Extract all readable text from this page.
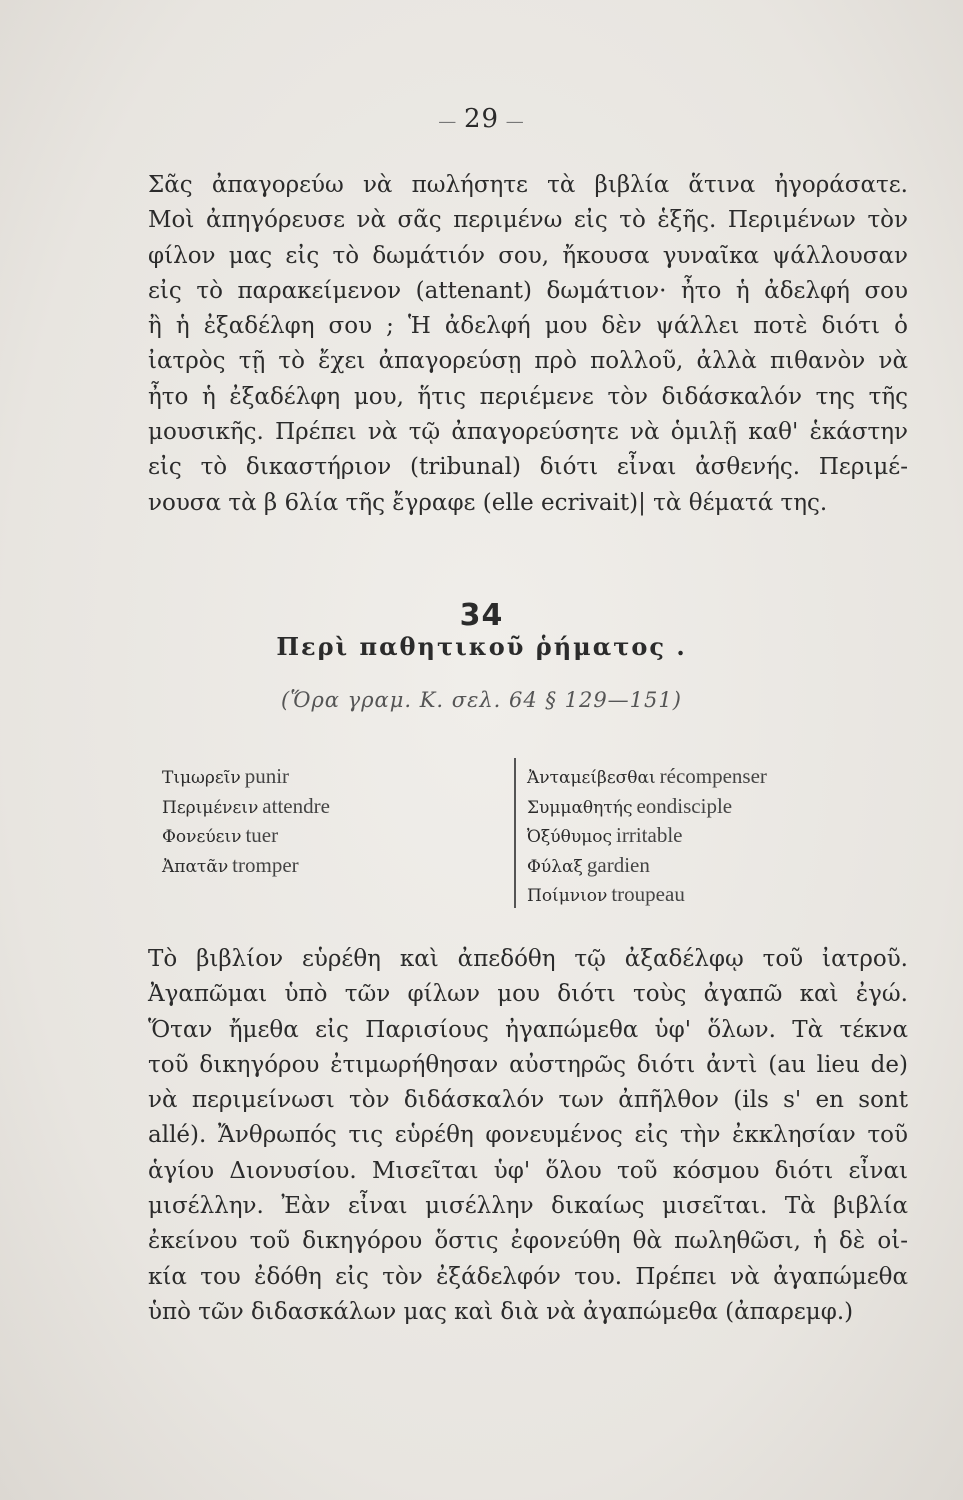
— 29 —
Σᾶς ἀπαγορεύω νὰ πωλήσητε τὰ βιβλία ἅτινα ἠγοράσατε.
Μοὶ ἀπηγόρευσε νὰ σᾶς περιμένω εἰς τὸ ἑξῆς. Περιμένων τὸν
φίλον μας εἰς τὸ δωμάτιόν σου, ἤκουσα γυναῖκα ψάλλουσαν
εἰς τὸ παρακείμενον (attenant) δωμάτιον· ἦτο ἡ ἀδελφή σου
ἢ ἡ ἐξαδέλφη σου ; Ἡ ἀδελφή μου δὲν ψάλλει ποτὲ διότι ὁ
ἰατρὸς τῇ τὸ ἔχει ἀπαγορεύσῃ πρὸ πολλοῦ, ἀλλὰ πιθανὸν νὰ
ἦτο ἡ ἐξαδέλφη μου, ἥτις περιέμενε τὸν διδάσκαλόν της τῆς
μουσικῆς. Πρέπει νὰ τῷ ἀπαγορεύσητε νὰ ὁμιλῇ καθ' ἑκάστην
εἰς τὸ δικαστήριον (tribunal) διότι εἶναι ἀσθενής. Περιμέ-
νουσα τὰ β 6λία τῆς ἔγραφε (elle ecrivait)| τὰ θέματά της.
34
Περὶ παθητικοῦ ῥήματος .
(Ὅρα γραμ. Κ. σελ. 64 § 129—151)
Τιμωρεῖν punir
Περιμένειν attendre
Φονεύειν tuer
Ἀπατᾶν tromper
Ἀνταμείβεσθαι récompenser
Συμμαθητής eondisciple
Ὀξύθυμος irritable
Φύλαξ gardien
Ποίμνιον troupeau
Τὸ βιβλίον εὑρέθη καὶ ἀπεδόθη τῷ ἀξαδέλφῳ τοῦ ἰατροῦ.
Ἀγαπῶμαι ὑπὸ τῶν φίλων μου διότι τοὺς ἀγαπῶ καὶ ἐγώ.
Ὅταν ἤμεθα εἰς Παρισίους ἠγαπώμεθα ὑφ' ὅλων. Τὰ τέκνα
τοῦ δικηγόρου ἐτιμωρήθησαν αὐστηρῶς διότι ἀντὶ (au lieu de)
νὰ περιμείνωσι τὸν διδάσκαλόν των ἀπῆλθον (ils s' en sont
allé). Ἄνθρωπός τις εὑρέθη φονευμένος εἰς τὴν ἐκκλησίαν τοῦ
ἁγίου Διονυσίου. Μισεῖται ὑφ' ὅλου τοῦ κόσμου διότι εἶναι
μισέλλην. Ἐὰν εἶναι μισέλλην δικαίως μισεῖται. Τὰ βιβλία
ἐκείνου τοῦ δικηγόρου ὅστις ἐφονεύθη θὰ πωληθῶσι, ἡ δὲ οἰ-
κία του ἐδόθη εἰς τὸν ἐξάδελφόν του. Πρέπει νὰ ἀγαπώμεθα
ὑπὸ τῶν διδασκάλων μας καὶ διὰ νὰ ἀγαπώμεθα (ἀπαρεμφ.)
